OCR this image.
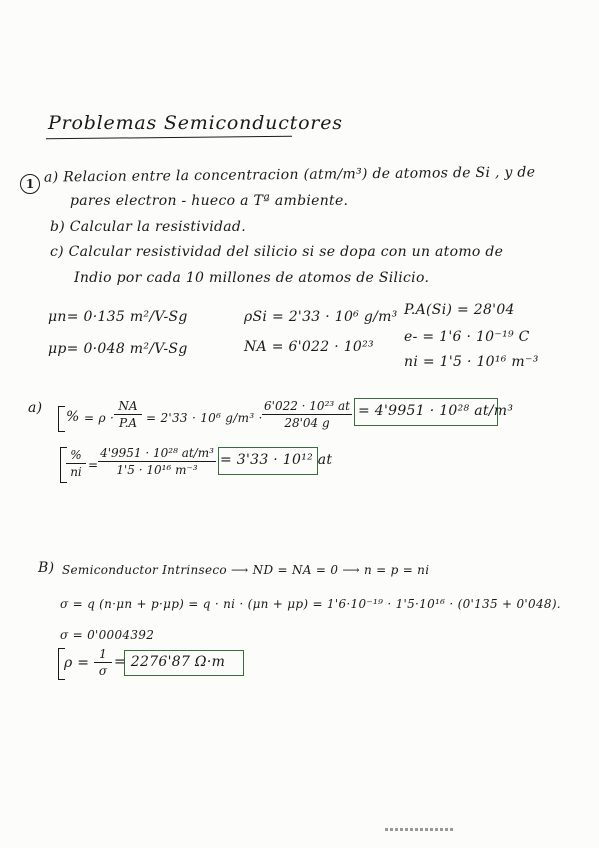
Problemas Semiconductores
1 a) Relacion entre la concentracion (atm/m³) de atomos de Si , y de
pares electron - hueco a Tª ambiente.
b) Calcular la resistividad.
c) Calcular resistividad del silicio si se dopa con un atomo de
Indio por cada 10 millones de atomos de Silicio.
μn= 0·135 m²/V-Sg
μp= 0·048 m²/V-Sg
ρSi = 2'33 · 10⁶ g/m³
NA = 6'022 · 10²³
P.A(Si) = 28'04
e- = 1'6 · 10⁻¹⁹ C
ni = 1'5 · 10¹⁶ m⁻³
a)
% = ρ ·
NA
P.A = 2'33 · 10⁶ g/m³ ·
6'022 · 10²³ at
28'04 g
= 4'9951 · 10²⁸ at/m³
%
ni =
4'9951 · 10²⁸ at/m³
1'5 · 10¹⁶ m⁻³
= 3'33 · 10¹² at
B) Semiconductor Intrinseco ⟶ ND = NA = 0 ⟶ n = p = ni
σ = q (n·μn + p·μp) = q · ni · (μn + μp) = 1'6·10⁻¹⁹ · 1'5·10¹⁶ · (0'135 + 0'048).
σ = 0'0004392
ρ =
1
σ
= 2276'87 Ω·m
